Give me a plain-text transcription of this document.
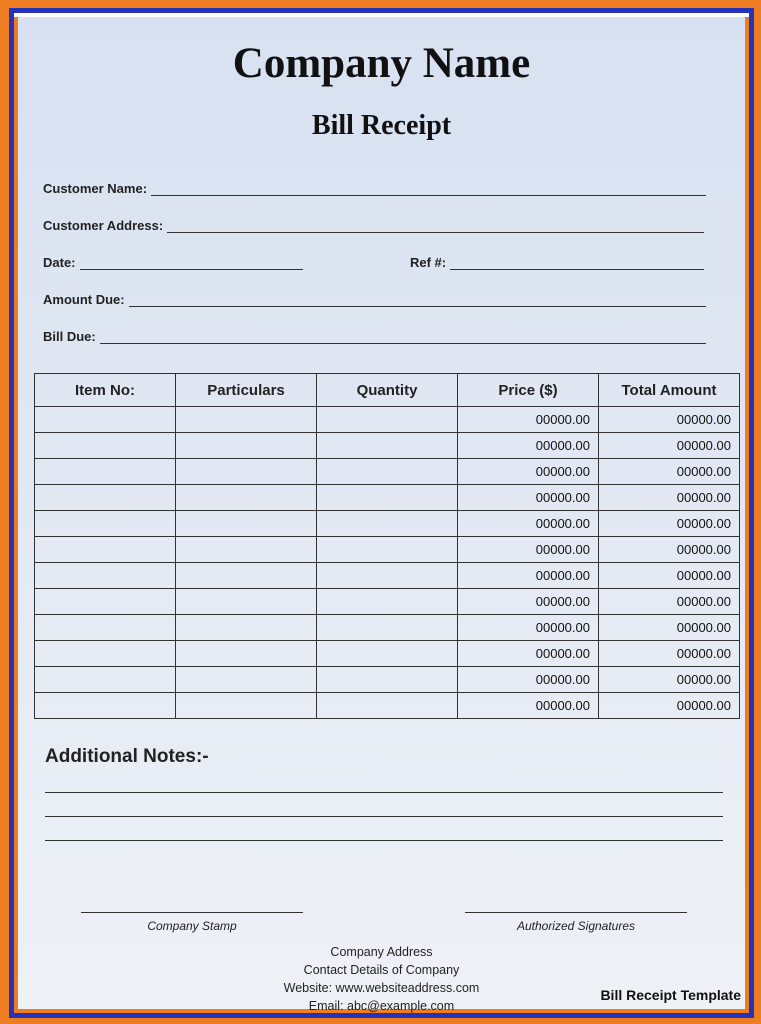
Company Name
Bill Receipt
Customer Name:
Customer Address:
Date:	Ref #:
Amount Due:
Bill Due:
Item No:	Particulars	Quantity	Price ($)	Total Amount
			00000.00	00000.00
			00000.00	00000.00
			00000.00	00000.00
			00000.00	00000.00
			00000.00	00000.00
			00000.00	00000.00
			00000.00	00000.00
			00000.00	00000.00
			00000.00	00000.00
			00000.00	00000.00
			00000.00	00000.00
			00000.00	00000.00
Additional Notes:-
Company Stamp	Authorized Signatures
Company Address
Contact Details of Company
Website: www.websiteaddress.com
Email: abc@example.com
Bill Receipt Template
